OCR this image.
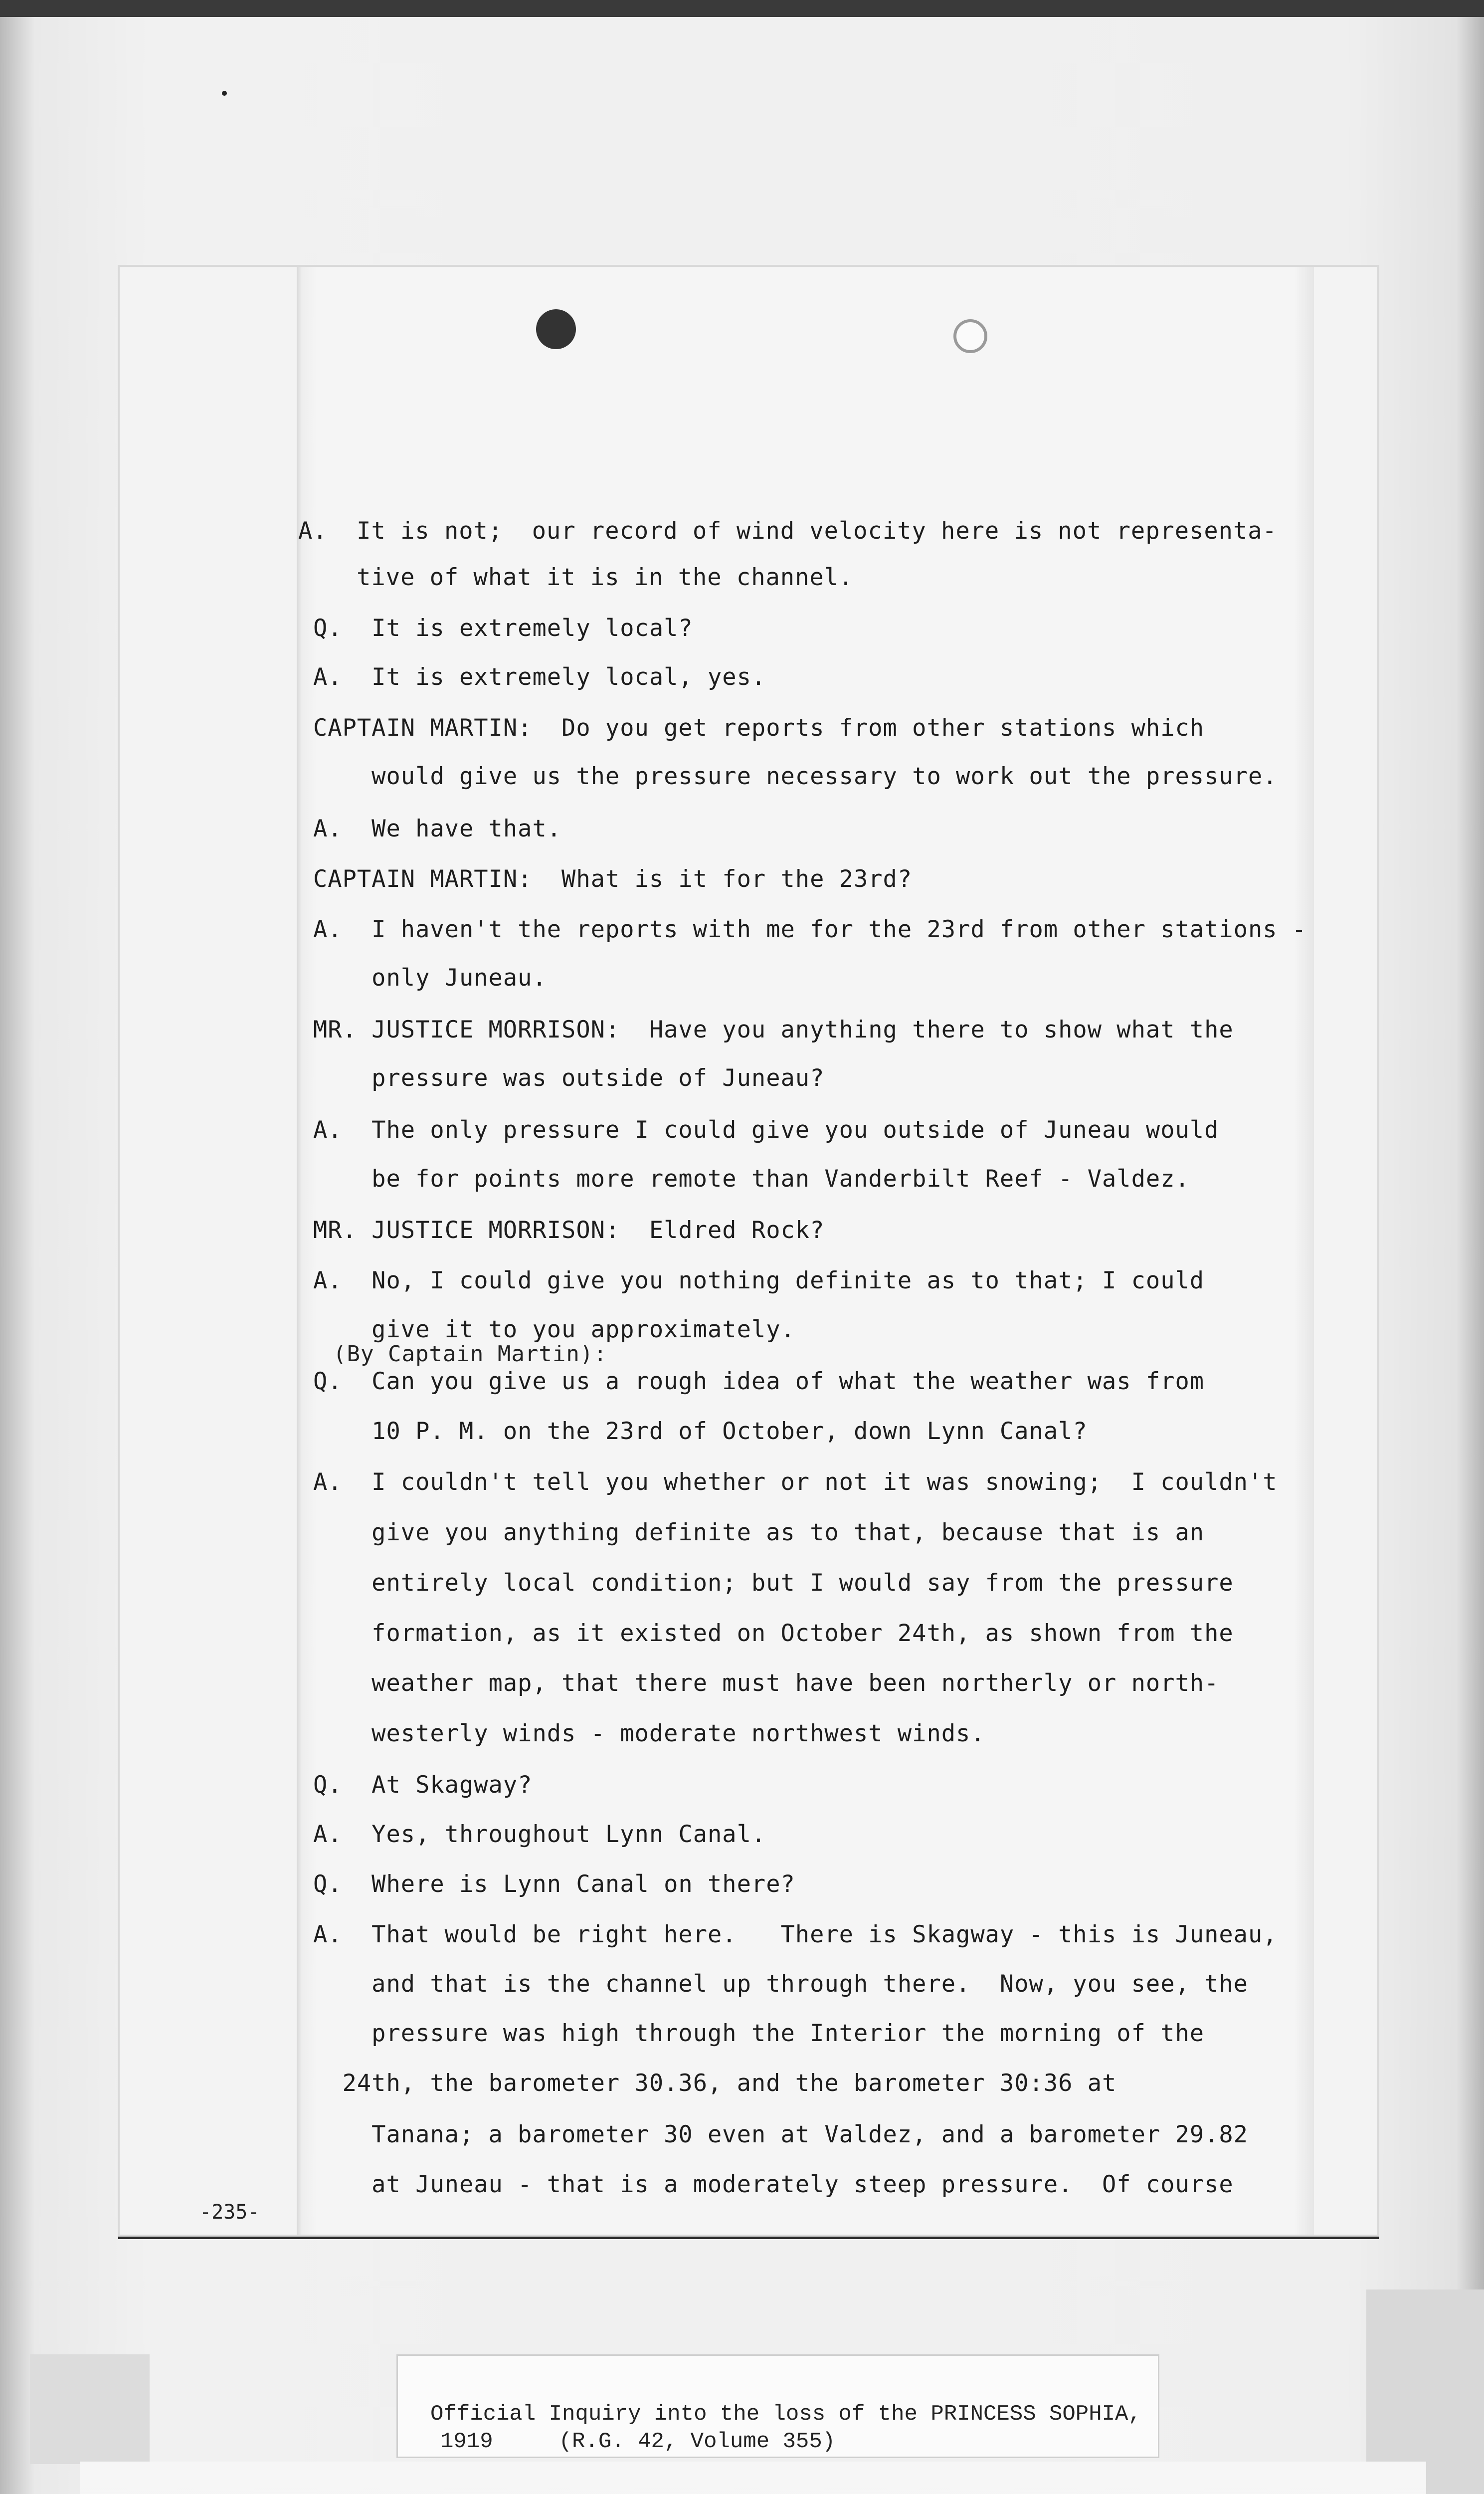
A.  It is not;  our record of wind velocity here is not representa-
tive of what it is in the channel.
Q.  It is extremely local?
A.  It is extremely local, yes.
CAPTAIN MARTIN:  Do you get reports from other stations which
would give us the pressure necessary to work out the pressure.
A.  We have that.
CAPTAIN MARTIN:  What is it for the 23rd?
A.  I haven't the reports with me for the 23rd from other stations -
only Juneau.
MR. JUSTICE MORRISON:  Have you anything there to show what the
pressure was outside of Juneau?
A.  The only pressure I could give you outside of Juneau would
be for points more remote than Vanderbilt Reef - Valdez.
MR. JUSTICE MORRISON:  Eldred Rock?
A.  No, I could give you nothing definite as to that; I could
give it to you approximately.
(By Captain Martin):
Q.  Can you give us a rough idea of what the weather was from
10 P. M. on the 23rd of October, down Lynn Canal?
A.  I couldn't tell you whether or not it was snowing;  I couldn't
give you anything definite as to that, because that is an
entirely local condition; but I would say from the pressure
formation, as it existed on October 24th, as shown from the
weather map, that there must have been northerly or north-
westerly winds - moderate northwest winds.
Q.  At Skagway?
A.  Yes, throughout Lynn Canal.
Q.  Where is Lynn Canal on there?
A.  That would be right here.   There is Skagway - this is Juneau,
and that is the channel up through there.  Now, you see, the
pressure was high through the Interior the morning of the
24th, the barometer 30.36, and the barometer 30:36 at
Tanana; a barometer 30 even at Valdez, and a barometer 29.82
at Juneau - that is a moderately steep pressure.  Of course
-235-
Official Inquiry into the loss of the PRINCESS SOPHIA,
1919     (R.G. 42, Volume 355)
